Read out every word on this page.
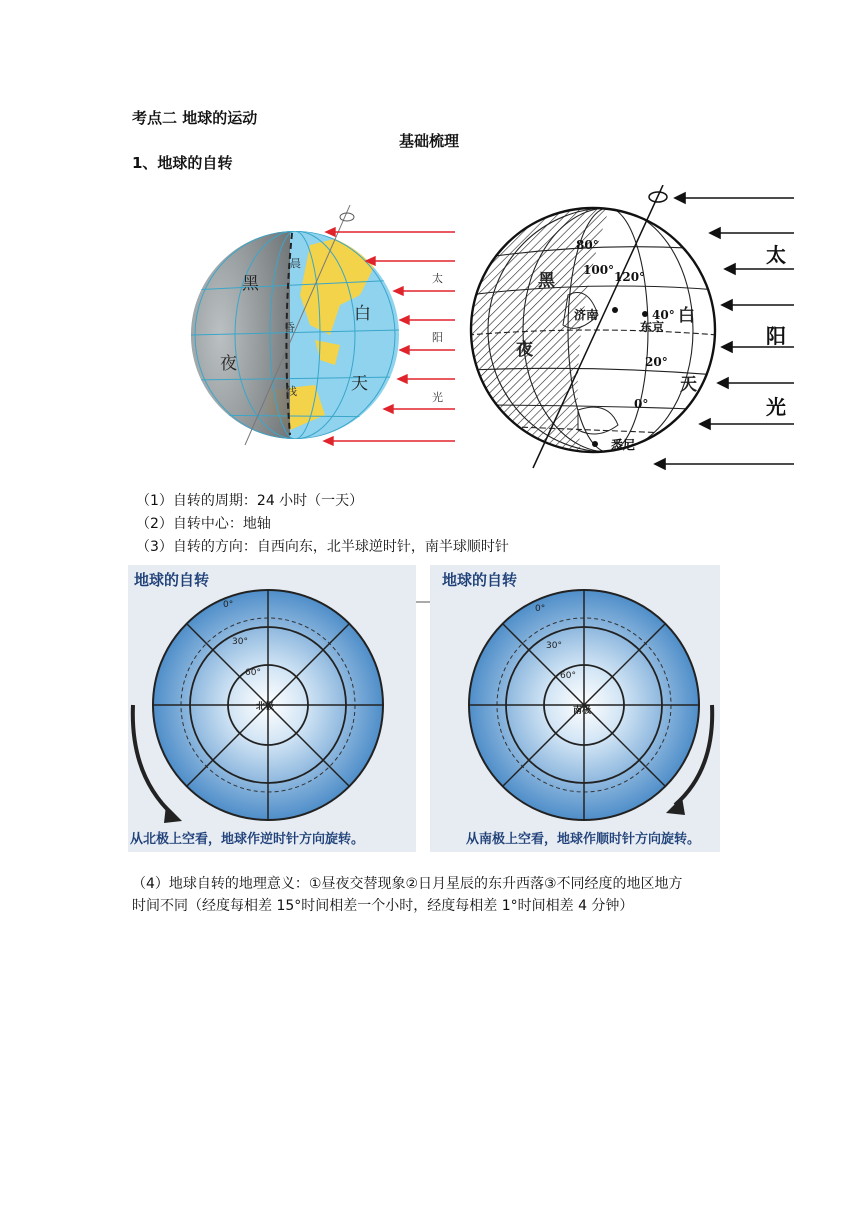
考点二 地球的运动
基础梳理
1、地球的自转
晨
昏
线
黑
夜
白
天
太
阳
光
黑
夜
白
天
80°
100° 120°
40°
20°
0°
济南
东京
悉尼
太
阳
光
（1）自转的周期：24 小时（一天）
（2）自转中心：地轴
（3）自转的方向：自西向东，北半球逆时针，南半球顺时针
地球的自转
0°
30°
60°
北极
从北极上空看，地球作逆时针方向旋转。
地球的自转
0°
30°
60°
南极
从南极上空看，地球作顺时针方向旋转。
（4）地球自转的地理意义：①昼夜交替现象②日月星辰的东升西落③不同经度的地区地方
时间不同（经度每相差 15°时间相差一个小时，经度每相差 1°时间相差 4 分钟）
